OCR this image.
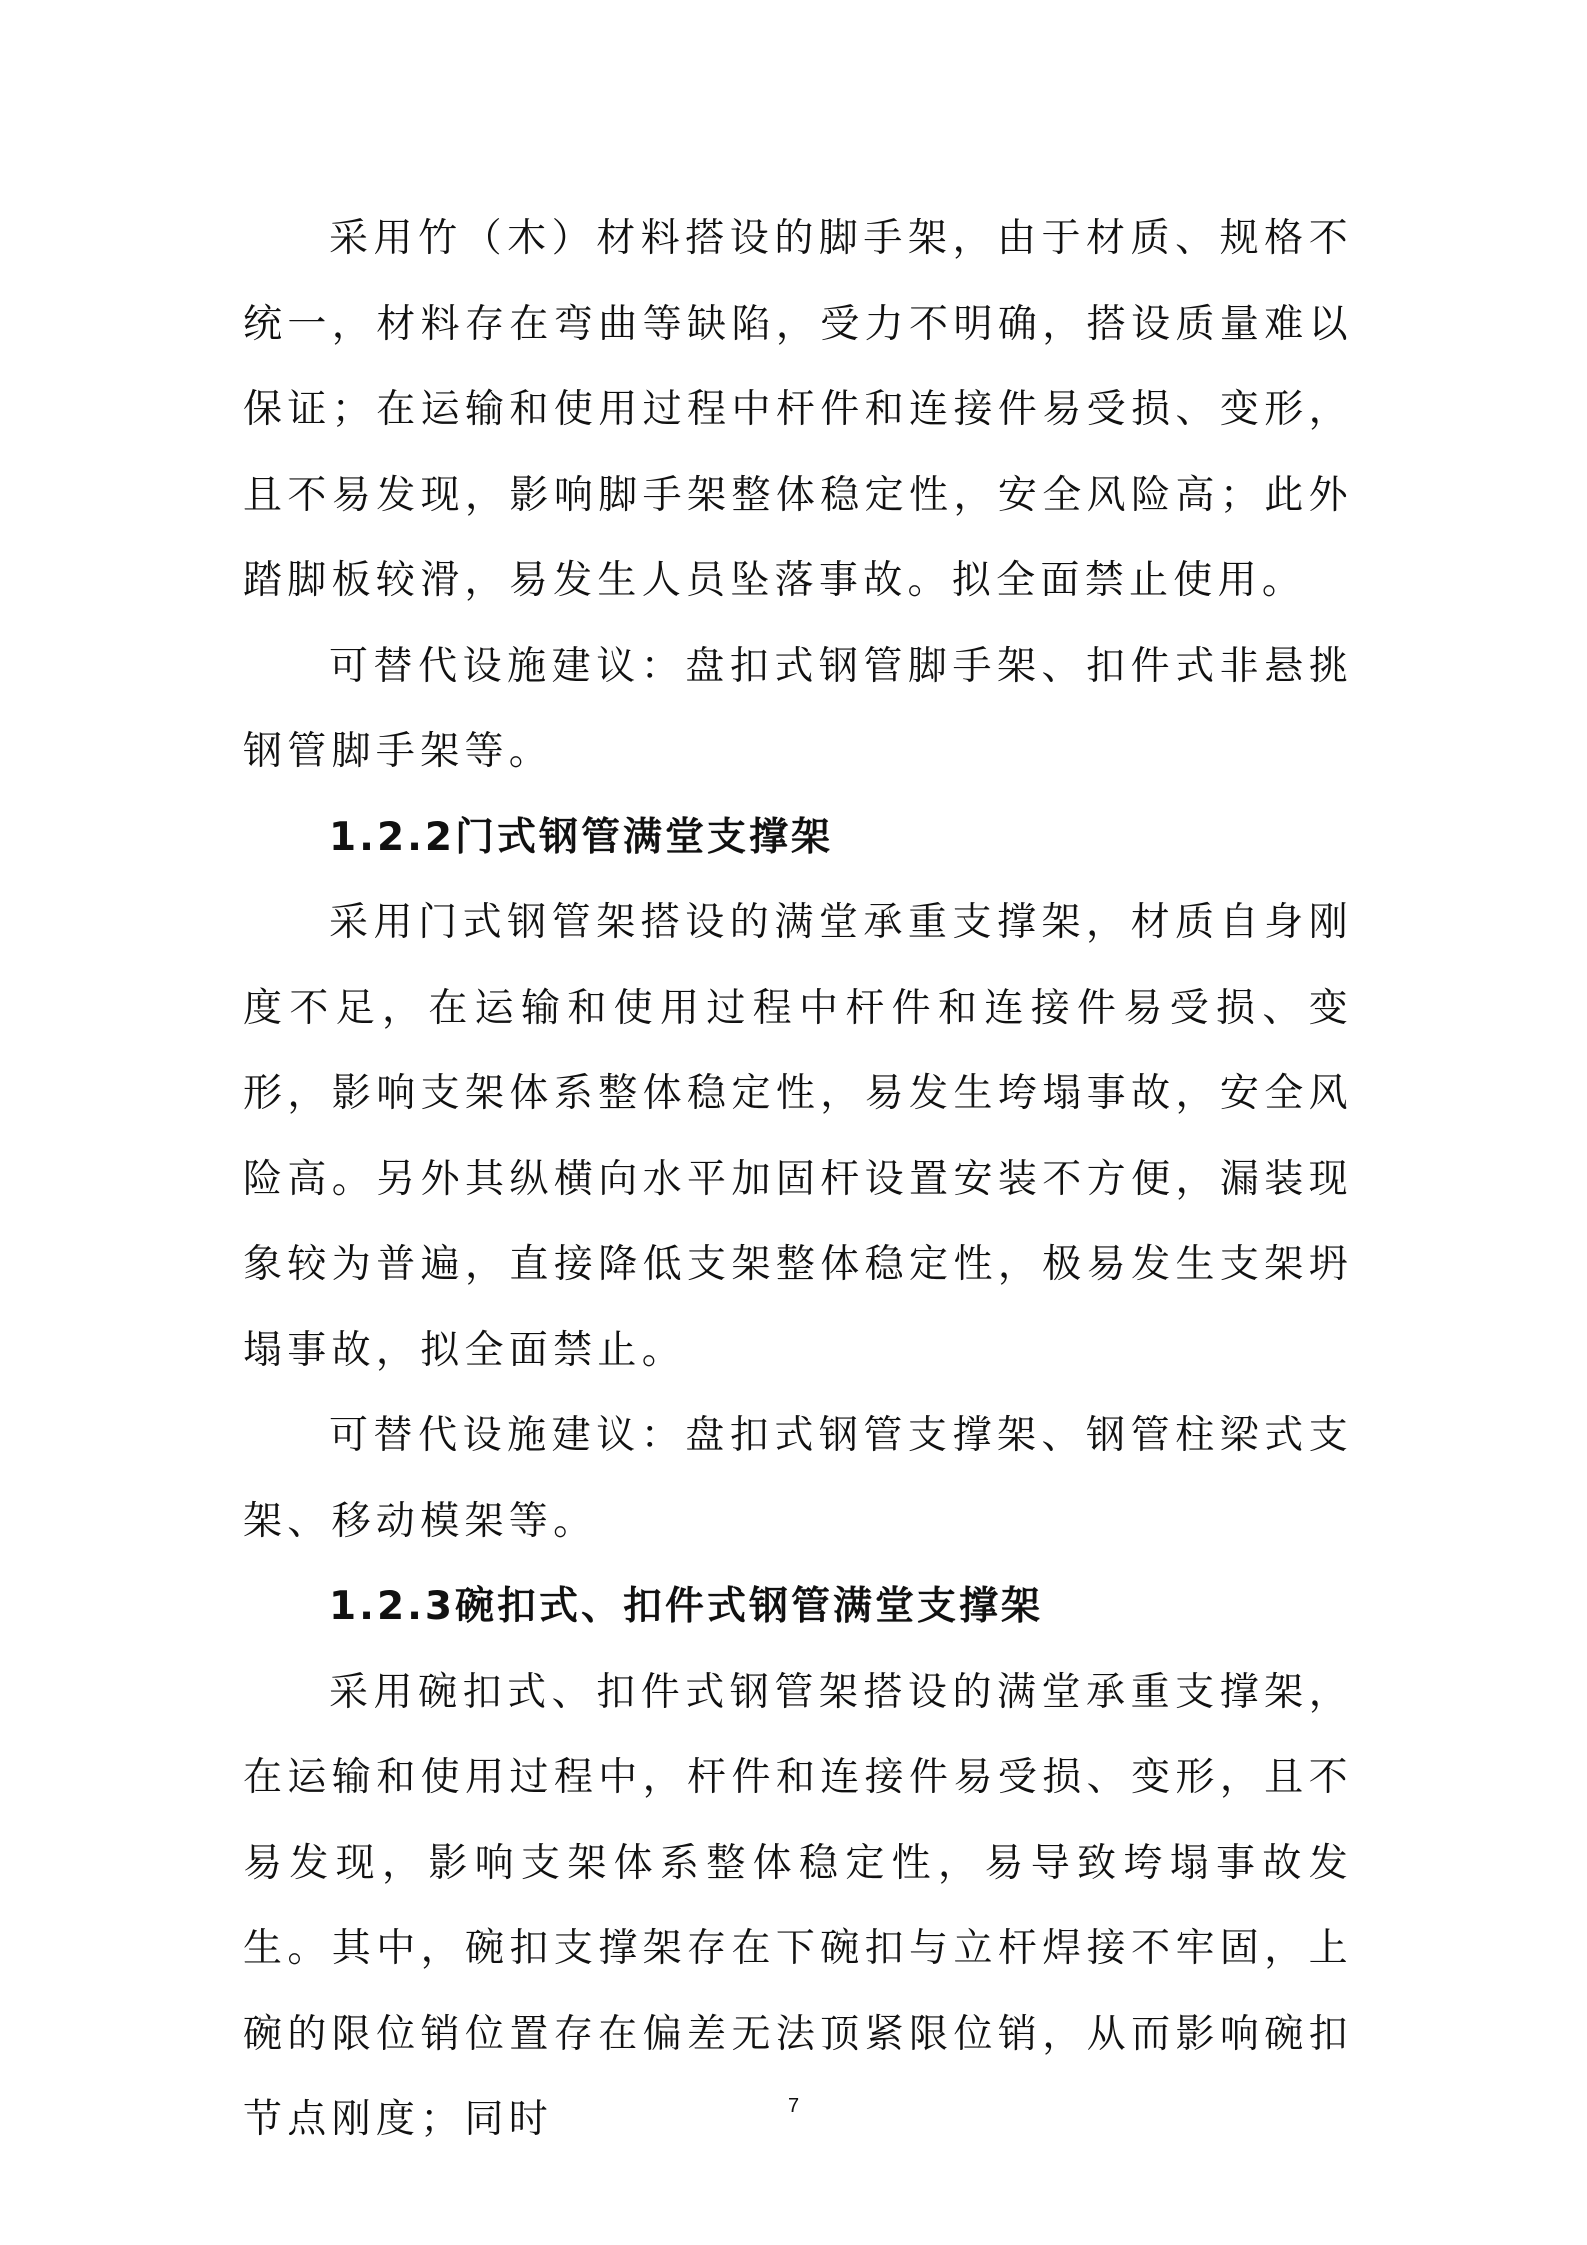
采用竹（木）材料搭设的脚手架，由于材质、规格不统一，材料存在弯曲等缺陷，受力不明确，搭设质量难以保证；在运输和使用过程中杆件和连接件易受损、变形，且不易发现，影响脚手架整体稳定性，安全风险高；此外踏脚板较滑，易发生人员坠落事故。拟全面禁止使用。

可替代设施建议：盘扣式钢管脚手架、扣件式非悬挑钢管脚手架等。

1.2.2门式钢管满堂支撑架

采用门式钢管架搭设的满堂承重支撑架，材质自身刚度不足，在运输和使用过程中杆件和连接件易受损、变形，影响支架体系整体稳定性，易发生垮塌事故，安全风险高。另外其纵横向水平加固杆设置安装不方便，漏装现象较为普遍，直接降低支架整体稳定性，极易发生支架坍塌事故，拟全面禁止。

可替代设施建议：盘扣式钢管支撑架、钢管柱梁式支架、移动模架等。

1.2.3碗扣式、扣件式钢管满堂支撑架

采用碗扣式、扣件式钢管架搭设的满堂承重支撑架，在运输和使用过程中，杆件和连接件易受损、变形，且不易发现，影响支架体系整体稳定性，易导致垮塌事故发生。其中，碗扣支撑架存在下碗扣与立杆焊接不牢固，上碗的限位销位置存在偏差无法顶紧限位销，从而影响碗扣节点刚度；同时	7
